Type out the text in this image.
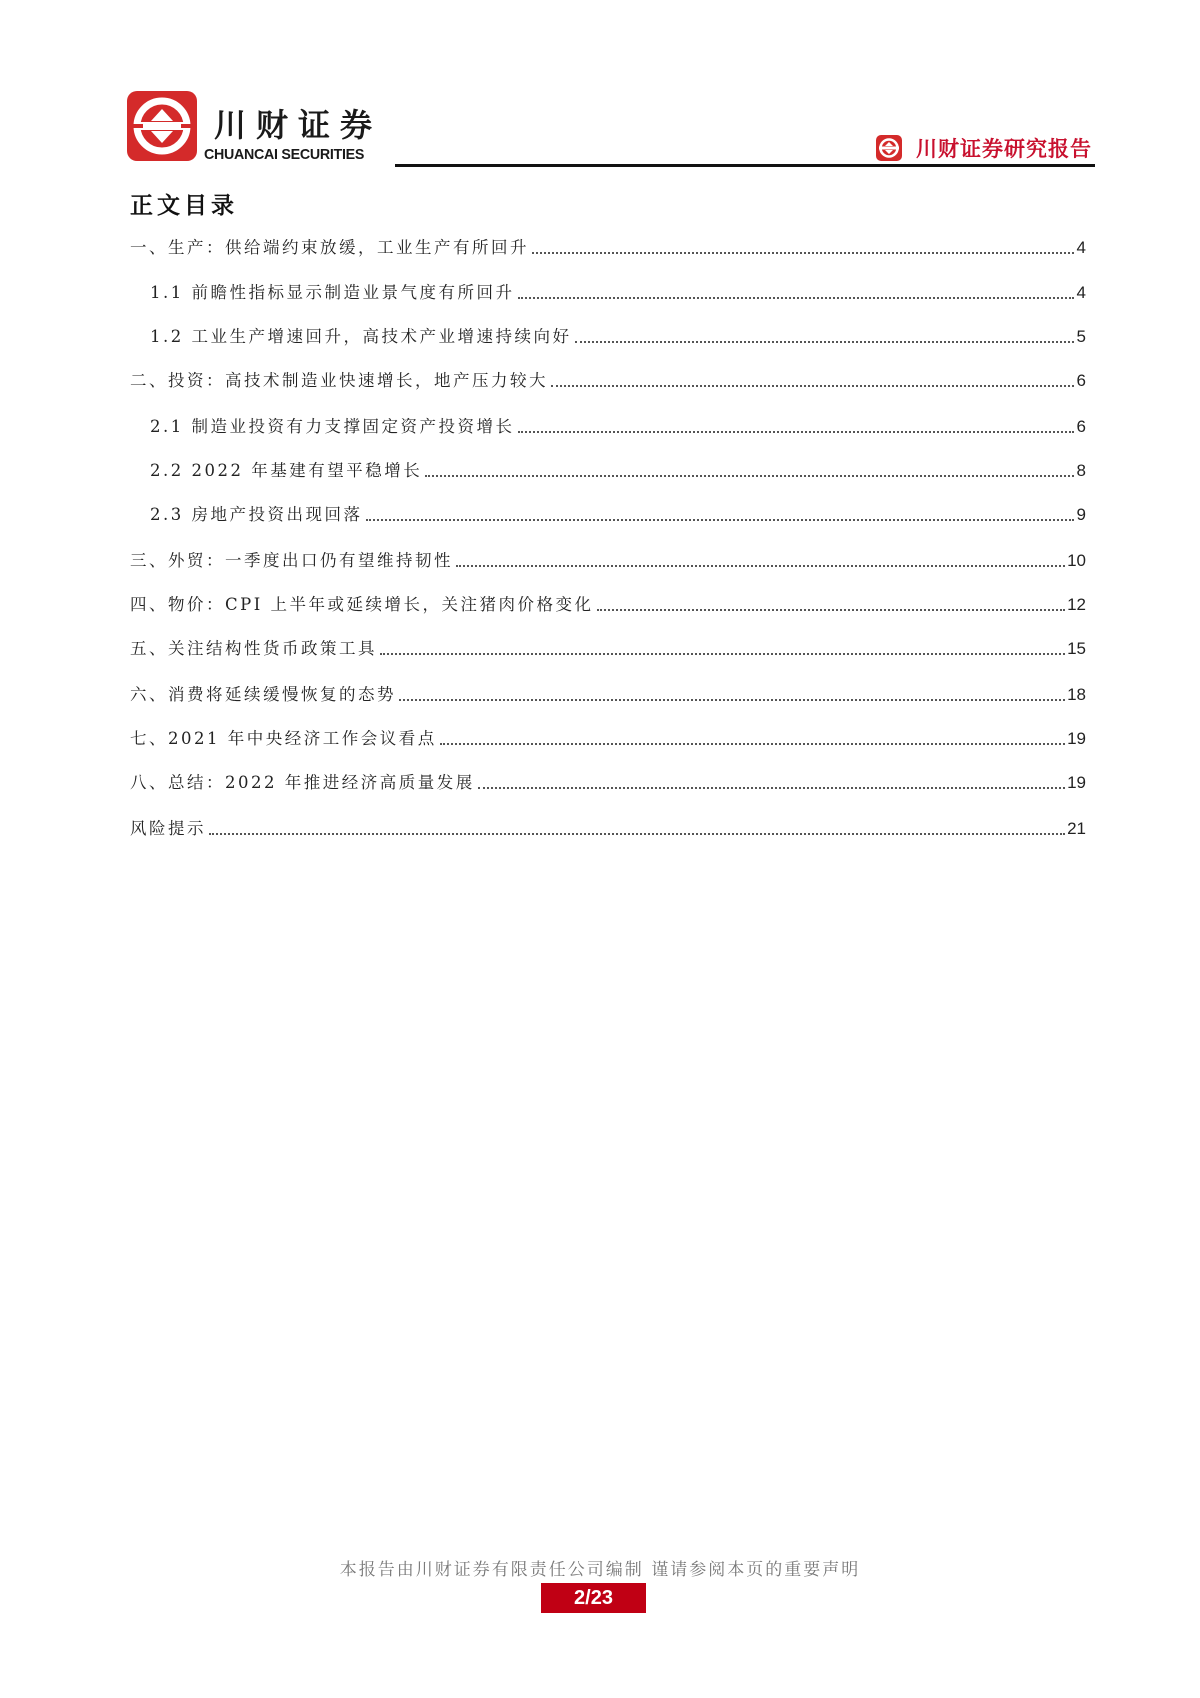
川财证券
CHUANCAI SECURITIES	川财证券研究报告
正文目录
一、生产：供给端约束放缓，工业生产有所回升	4
1.1 前瞻性指标显示制造业景气度有所回升	4
1.2 工业生产增速回升，高技术产业增速持续向好	5
二、投资：高技术制造业快速增长，地产压力较大	6
2.1 制造业投资有力支撑固定资产投资增长	6
2.2 2022 年基建有望平稳增长	8
2.3 房地产投资出现回落	9
三、外贸：一季度出口仍有望维持韧性	10
四、物价：CPI 上半年或延续增长，关注猪肉价格变化	12
五、关注结构性货币政策工具	15
六、消费将延续缓慢恢复的态势	18
七、2021 年中央经济工作会议看点	19
八、总结：2022 年推进经济高质量发展	19
风险提示	21
本报告由川财证券有限责任公司编制 谨请参阅本页的重要声明
2/23
